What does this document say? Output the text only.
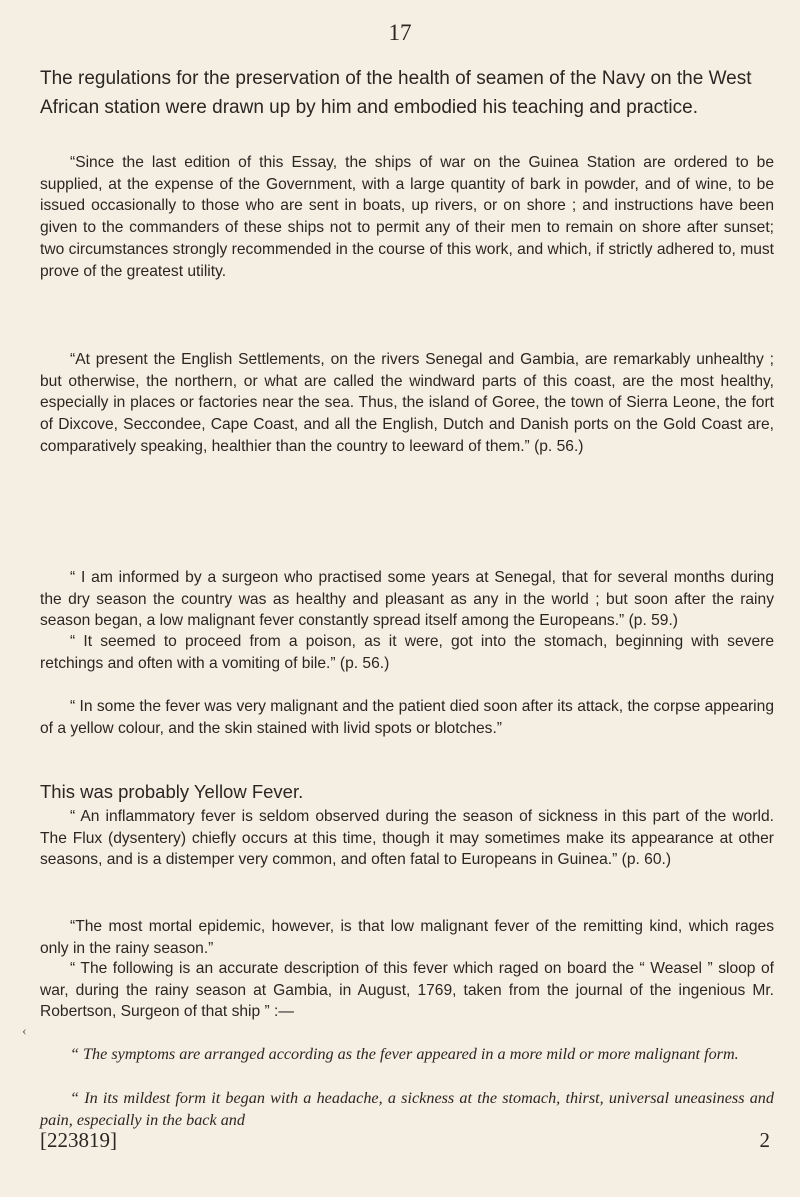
17
The regulations for the preservation of the health of seamen of the Navy on the West African station were drawn up by him and embodied his teaching and practice.

“Since the last edition of this Essay, the ships of war on the Guinea Station are ordered to be supplied, at the expense of the Government, with a large quantity of bark in powder, and of wine, to be issued occasionally to those who are sent in boats, up rivers, or on shore ; and instructions have been given to the commanders of these ships not to permit any of their men to remain on shore after sunset; two circumstances strongly recommended in the course of this work, and which, if strictly adhered to, must prove of the greatest utility.

“At present the English Settlements, on the rivers Senegal and Gambia, are remarkably unhealthy ; but otherwise, the northern, or what are called the windward parts of this coast, are the most healthy, especially in places or factories near the sea. Thus, the island of Goree, the town of Sierra Leone, the fort of Dixcove, Seccondee, Cape Coast, and all the English, Dutch and Danish ports on the Gold Coast are, comparatively speaking, healthier than the country to leeward of them.” (p. 56.)

“ I am informed by a surgeon who practised some years at Senegal, that for several months during the dry season the country was as healthy and pleasant as any in the world ; but soon after the rainy season began, a low malignant fever constantly spread itself among the Europeans.” (p. 59.)

“ It seemed to proceed from a poison, as it were, got into the stomach, beginning with severe retchings and often with a vomiting of bile.” (p. 56.)

“ In some the fever was very malignant and the patient died soon after its attack, the corpse appearing of a yellow colour, and the skin stained with livid spots or blotches.”

This was probably Yellow Fever.

“ An inflammatory fever is seldom observed during the season of sickness in this part of the world. The Flux (dysentery) chiefly occurs at this time, though it may sometimes make its appearance at other seasons, and is a distemper very common, and often fatal to Europeans in Guinea.” (p. 60.)

“The most mortal epidemic, however, is that low malignant fever of the remitting kind, which rages only in the rainy season.”

“ The following is an accurate description of this fever which raged on board the “ Weasel ” sloop of war, during the rainy season at Gambia, in August, 1769, taken from the journal of the ingenious Mr. Robertson, Surgeon of that ship ” :—

‹

“ The symptoms are arranged according as the fever appeared in a more mild or more malignant form.

“ In its mildest form it began with a headache, a sickness at the stomach, thirst, universal uneasiness and pain, especially in the back and

[223819]	2
